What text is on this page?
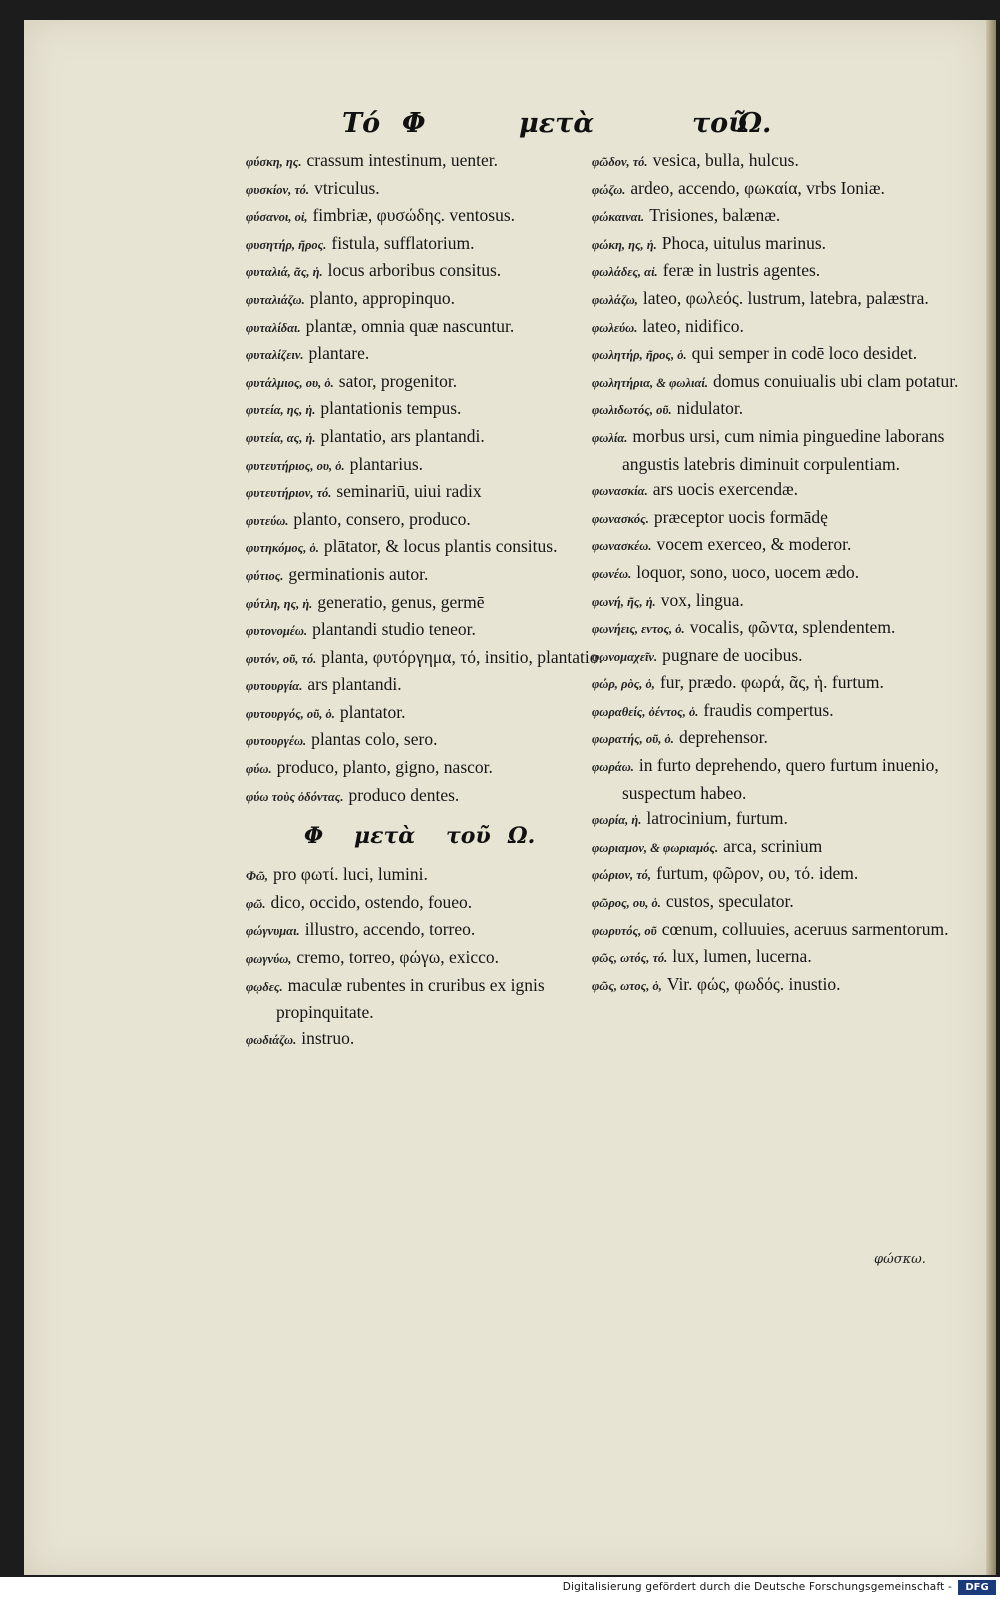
Τό Φ	μετὰ	τοῦ
Ω.
φύσκη, ης. crassum intestinum, uenter.
φυσκίον, τό. vtriculus.
φύσανοι, οἱ, fimbriæ, φυσώδης. ventosus.
φυσητήρ, ῆρος. fistula, sufflatorium.
φυταλιά, ᾶς, ἡ. locus arboribus consitus.
φυταλιάζω. planto, appropinquo.
φυταλίδαι. plantæ, omnia quæ nascuntur.
φυταλίζειν. plantare.
φυτάλμιος, ου, ὁ. sator, progenitor.
φυτεία, ης, ἡ. plantationis tempus.
φυτεία, ας, ἡ. plantatio, ars plantandi.
φυτευτήριος, ου, ὁ. plantarius.
φυτευτήριον, τό. seminariū, uiui radix
φυτεύω. planto, consero, produco.
φυτηκόμος, ὁ. plātator, & locus plantis consitus.
φύτιος. germinationis autor.
φύτλη, ης, ἡ. generatio, genus, germē
φυτονομέω. plantandi studio teneor.
φυτόν, οῦ, τό. planta, φυτόργημα, τό, insitio, plantatio.
φυτουργία. ars plantandi.
φυτουργός, οῦ, ὁ. plantator.
φυτουργέω. plantas colo, sero.
φύω. produco, planto, gigno, nascor.
φύω τοὺς ὀδόντας. produco dentes.
Φ μετὰ τοῦ Ω.
Φῶ, pro φωτί. luci, lumini.
φῶ. dico, occido, ostendo, foueo.
φώγνυμαι. illustro, accendo, torreo.
φωγνύω, cremo, torreo, φώγω, exicco.
φῳδες. maculæ rubentes in cruribus ex ignis propinquitate.
φωδιάζω. instruo.
φῶδον, τό. vesica, bulla, hulcus.
φώζω. ardeo, accendo, φωκαία, vrbs Ioniæ.
φώκαιναι. Trisiones, balænæ.
φώκη, ης, ἡ. Phoca, uitulus marinus.
φωλάδες, αἱ. feræ in lustris agentes.
φωλάζω, lateo, φωλεός. lustrum, latebra, palæstra.
φωλεύω. lateo, nidifico.
φωλητήρ, ῆρος, ὁ. qui semper in codē loco desidet.
φωλητήρια, & φωλιαί. domus conuiualis ubi clam potatur.
φωλιδωτός, οῦ. nidulator.
φωλία. morbus ursi, cum nimia pinguedine laborans angustis latebris diminuit corpulentiam.
φωνασκία. ars uocis exercendæ.
φωνασκός. præceptor uocis formādę
φωνασκέω. vocem exerceo, & moderor.
φωνέω. loquor, sono, uoco, uocem ædo.
φωνή, ῆς, ἡ. vox, lingua.
φωνήεις, εντος, ὁ. vocalis, φῶντα, splendentem.
φωνομαχεῖν. pugnare de uocibus.
φώρ, ρὸς, ὁ, fur, prædo. φωρά, ᾶς, ἡ. furtum.
φωραθείς, ὀέντος, ὁ. fraudis compertus.
φωρατής, οῦ, ὁ. deprehensor.
φωράω. in furto deprehendo, quero furtum inuenio, suspectum habeo.
φωρία, ἡ. latrocinium, furtum.
φωριαμον, & φωριαμός. arca, scrinium
φώριον, τό, furtum, φῶρον, ου, τό. idem.
φῶρος, ου, ὁ. custos, speculator.
φωρυτός, οῦ cœnum, colluuies, aceruus sarmentorum.
φῶς, ωτός, τό. lux, lumen, lucerna.
φῶς, ωτος, ὁ, Vir. φώς, φωδός. inustio.
φώσκω.
Digitalisierung gefördert durch die Deutsche Forschungsgemeinschaft -	DFG
